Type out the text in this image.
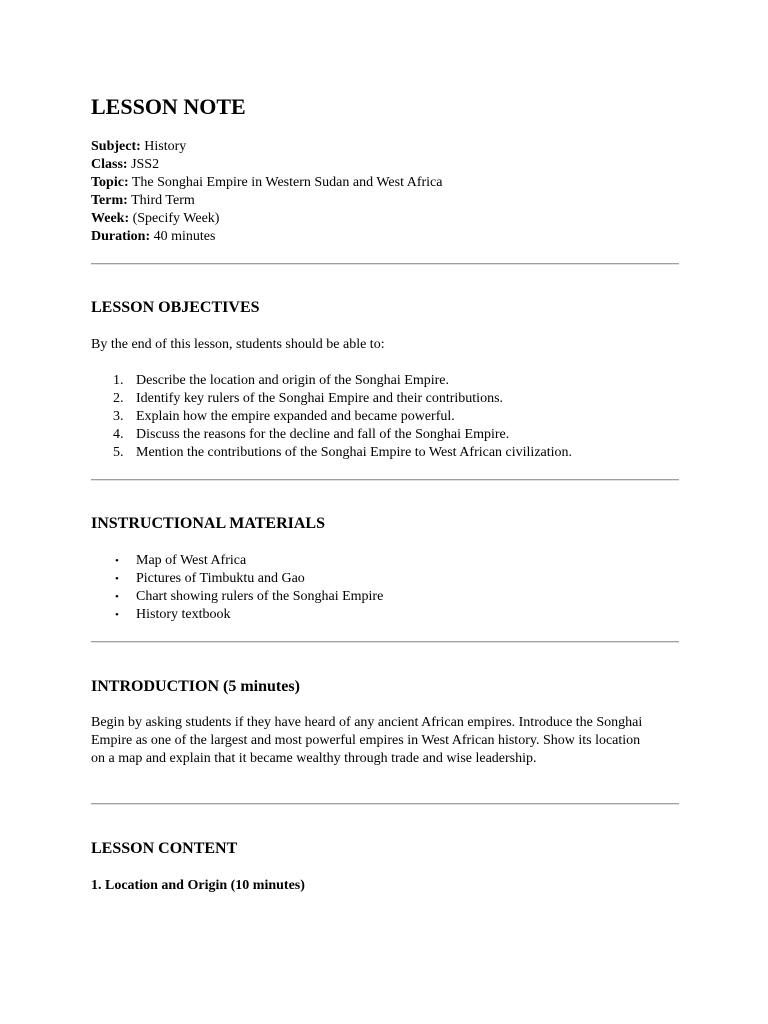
LESSON NOTE
Subject: History
Class: JSS2
Topic: The Songhai Empire in Western Sudan and West Africa
Term: Third Term
Week: (Specify Week)
Duration: 40 minutes
LESSON OBJECTIVES

By the end of this lesson, students should be able to:

1. Describe the location and origin of the Songhai Empire.
2. Identify key rulers of the Songhai Empire and their contributions.
3. Explain how the empire expanded and became powerful.
4. Discuss the reasons for the decline and fall of the Songhai Empire.
5. Mention the contributions of the Songhai Empire to West African civilization.
INSTRUCTIONAL MATERIALS
• Map of West Africa
• Pictures of Timbuktu and Gao
• Chart showing rulers of the Songhai Empire
• History textbook
INTRODUCTION (5 minutes)

Begin by asking students if they have heard of any ancient African empires. Introduce the Songhai Empire as one of the largest and most powerful empires in West African history. Show its location on a map and explain that it became wealthy through trade and wise leadership.

LESSON CONTENT
1. Location and Origin (10 minutes)
